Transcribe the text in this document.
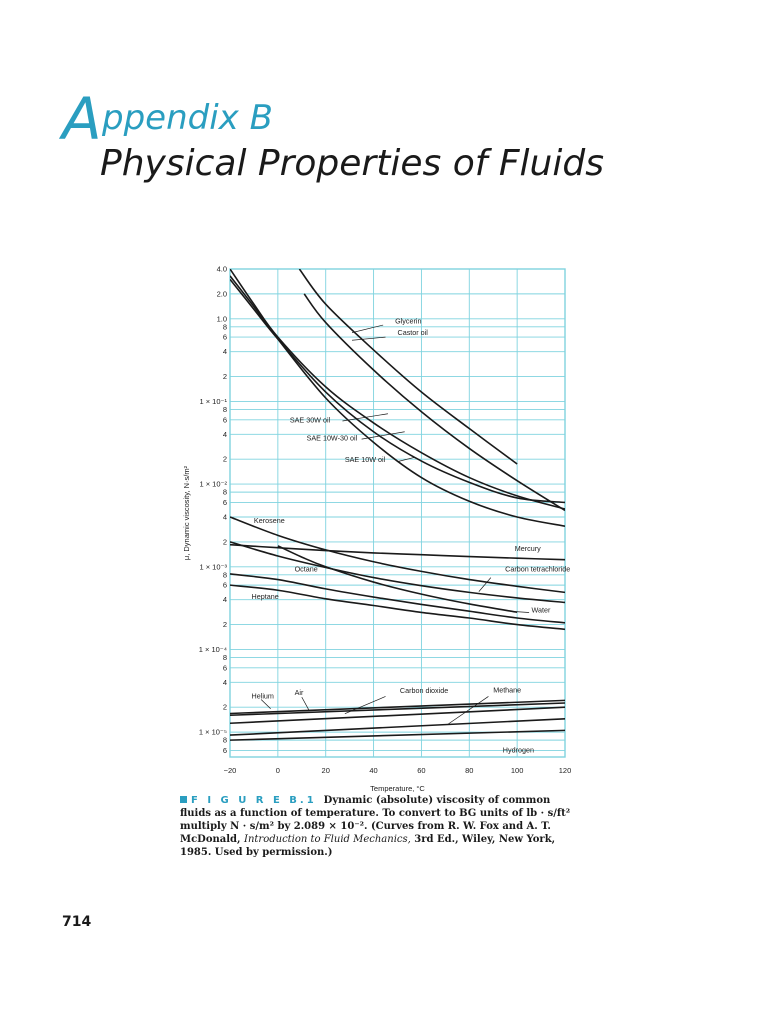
A ppendix B
Physical Properties of Fluids
4.0
2.0
1.0
8
6
4
2
1 × 10⁻¹
8
6
4
2
1 × 10⁻²
8
6
4
2
1 × 10⁻³
8
6
4
2
1 × 10⁻⁴
8
6
4
2
1 × 10⁻⁵
8
6
−20	0	20	40	60	80	100	120
Temperature, °C
μ, Dynamic viscosity, N·s/m²
Glycerin
Castor oil
SAE 30W oil
SAE 10W-30 oil
SAE 10W oil
Kerosene
Mercury
Carbon tetrachloride
Water
Octane
Heptane
Carbon dioxide	Methane
Air
Helium
Hydrogen
F I G U R E B.1 Dynamic (absolute) viscosity of common fluids as a function of temperature. To convert to BG units of lb · s/ft² multiply N · s/m² by 2.089 × 10⁻². (Curves from R. W. Fox and A. T. McDonald, Introduction to Fluid Mechanics, 3rd Ed., Wiley, New York, 1985. Used by permission.)
714
